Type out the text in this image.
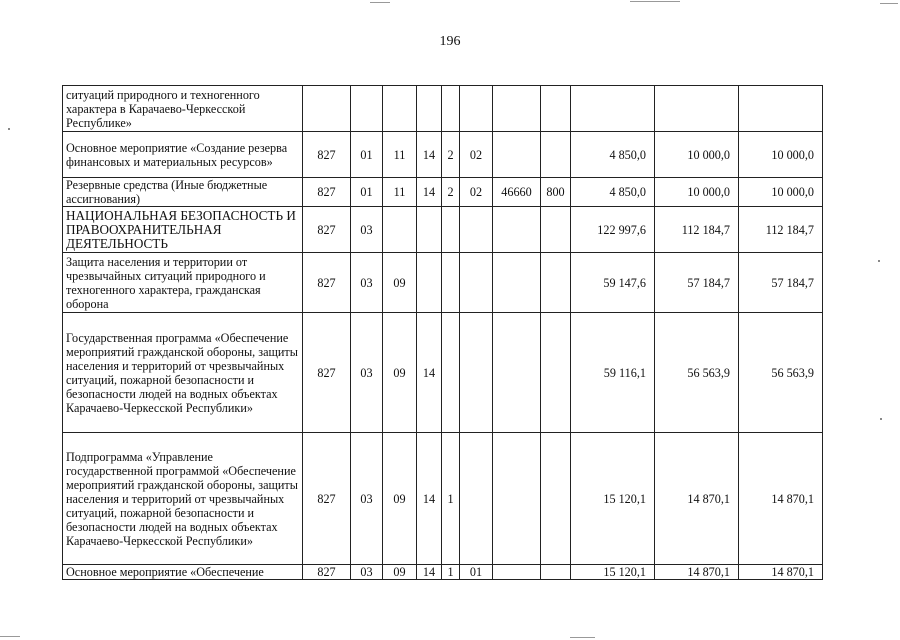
196
ситуаций природного и техногенного характера в Карачаево-Черкесской Республике»											
Основное мероприятие «Создание резерва финансовых и материальных ресурсов»	827	01	11	14	2	02			4 850,0	10 000,0	10 000,0
Резервные средства (Иные бюджетные ассигнования)	827	01	11	14	2	02	46660	800	4 850,0	10 000,0	10 000,0
НАЦИОНАЛЬНАЯ БЕЗОПАСНОСТЬ И ПРАВООХРАНИТЕЛЬНАЯ ДЕЯТЕЛЬНОСТЬ	827	03							122 997,6	112 184,7	112 184,7
Защита населения и территории от чрезвычайных ситуаций природного и техногенного характера, гражданская оборона	827	03	09						59 147,6	57 184,7	57 184,7
Государственная программа «Обеспечение мероприятий гражданской обороны, защиты населения и территорий от чрезвычайных ситуаций, пожарной безопасности и безопасности людей на водных объектах Карачаево-Черкесской Республики»	827	03	09	14					59 116,1	56 563,9	56 563,9
Подпрограмма «Управление государственной программой «Обеспечение мероприятий гражданской обороны, защиты населения и территорий от чрезвычайных ситуаций, пожарной безопасности и безопасности людей на водных объектах Карачаево-Черкесской Республики»	827	03	09	14	1				15 120,1	14 870,1	14 870,1
Основное мероприятие «Обеспечение	827	03	09	14	1	01			15 120,1	14 870,1	14 870,1
